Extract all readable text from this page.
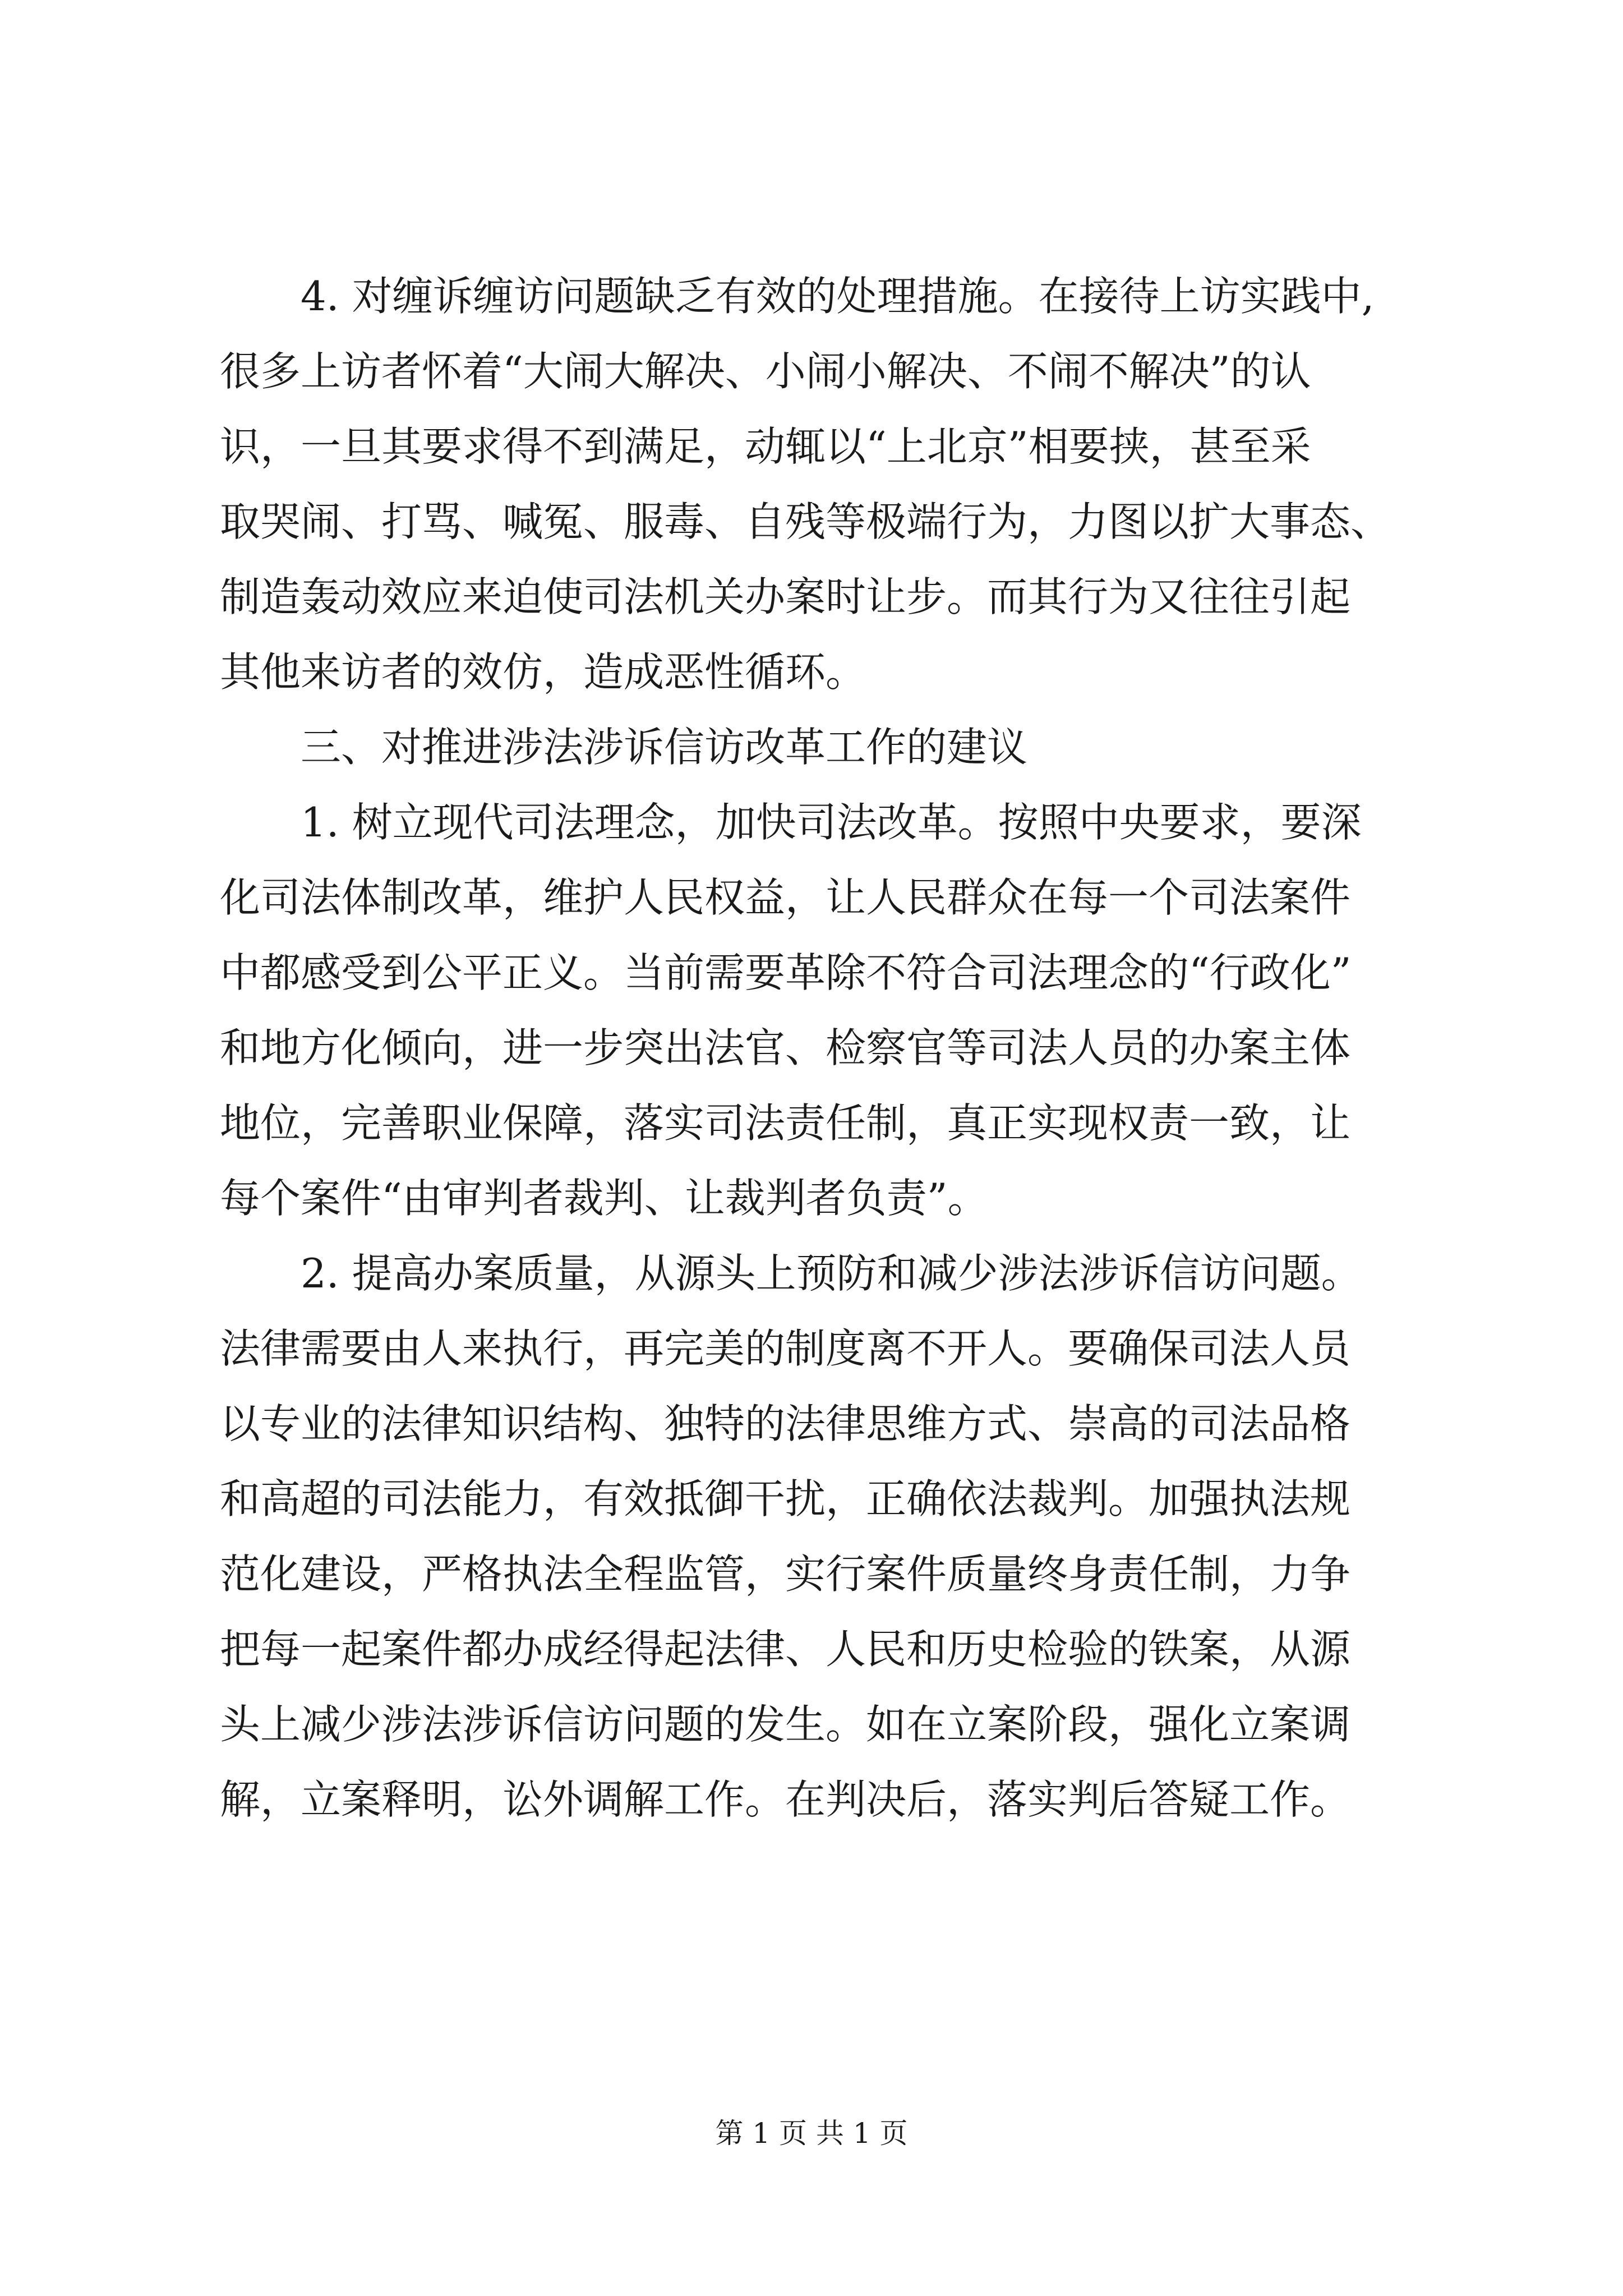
4. 对缠诉缠访问题缺乏有效的处理措施。在接待上访实践中,
很多上访者怀着“大闹大解决、小闹小解决、不闹不解决”的认
识，一旦其要求得不到满足，动辄以“上北京”相要挟，甚至采
取哭闹、打骂、喊冤、服毒、自残等极端行为，力图以扩大事态、
制造轰动效应来迫使司法机关办案时让步。而其行为又往往引起
其他来访者的效仿，造成恶性循环。
三、对推进涉法涉诉信访改革工作的建议
1. 树立现代司法理念，加快司法改革。按照中央要求，要深
化司法体制改革，维护人民权益，让人民群众在每一个司法案件
中都感受到公平正义。当前需要革除不符合司法理念的“行政化”
和地方化倾向，进一步突出法官、检察官等司法人员的办案主体
地位，完善职业保障，落实司法责任制，真正实现权责一致，让
每个案件“由审判者裁判、让裁判者负责”。
2. 提高办案质量，从源头上预防和减少涉法涉诉信访问题。
法律需要由人来执行，再完美的制度离不开人。要确保司法人员
以专业的法律知识结构、独特的法律思维方式、崇高的司法品格
和高超的司法能力，有效抵御干扰，正确依法裁判。加强执法规
范化建设，严格执法全程监管，实行案件质量终身责任制，力争
把每一起案件都办成经得起法律、人民和历史检验的铁案，从源
头上减少涉法涉诉信访问题的发生。如在立案阶段，强化立案调
解，立案释明，讼外调解工作。在判决后，落实判后答疑工作。
第 1 页 共 1 页
